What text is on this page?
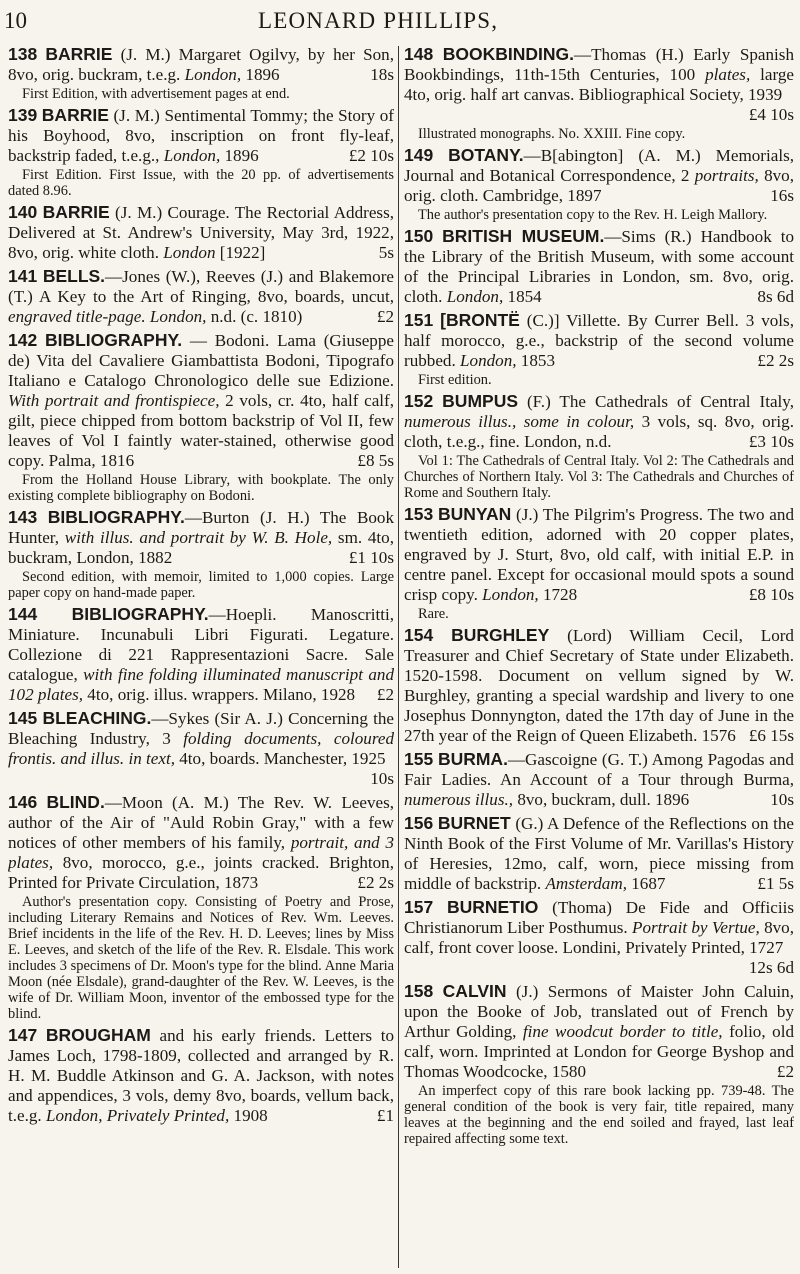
10	LEONARD PHILLIPS,
138 BARRIE (J. M.) Margaret Ogilvy, by her Son, 8vo, orig. buckram, t.e.g. London, 1896	18s
First Edition, with advertisement pages at end.
139 BARRIE (J. M.) Sentimental Tommy; the Story of his Boyhood, 8vo, inscription on front fly-leaf, backstrip faded, t.e.g., London, 1896	£2 10s
First Edition. First Issue, with the 20 pp. of advertisements dated 8.96.
140 BARRIE (J. M.) Courage. The Rectorial Address, Delivered at St. Andrew's University, May 3rd, 1922, 8vo, orig. white cloth. London [1922]	5s
141 BELLS.—Jones (W.), Reeves (J.) and Blakemore (T.) A Key to the Art of Ringing, 8vo, boards, uncut, engraved title-page. London, n.d. (c. 1810)	£2
142 BIBLIOGRAPHY. — Bodoni. Lama (Giuseppe de) Vita del Cavaliere Giambattista Bodoni, Tipografo Italiano e Catalogo Chronologico delle sue Edizione. With portrait and frontispiece, 2 vols, cr. 4to, half calf, gilt, piece chipped from bottom backstrip of Vol II, few leaves of Vol I faintly water-stained, otherwise good copy. Palma, 1816	£8 5s
From the Holland House Library, with bookplate. The only existing complete bibliography on Bodoni.
143 BIBLIOGRAPHY.—Burton (J. H.) The Book Hunter, with illus. and portrait by W. B. Hole, sm. 4to, buckram, London, 1882	£1 10s
Second edition, with memoir, limited to 1,000 copies. Large paper copy on hand-made paper.
144 BIBLIOGRAPHY.—Hoepli. Manoscritti, Miniature. Incunabuli Libri Figurati. Legature. Collezione di 221 Rappresentazioni Sacre. Sale catalogue, with fine folding illuminated manuscript and 102 plates, 4to, orig. illus. wrappers. Milano, 1928 £2
145 BLEACHING.—Sykes (Sir A. J.) Concerning the Bleaching Industry, 3 folding documents, coloured frontis. and illus. in text, 4to, boards. Manchester, 1925
10s
146 BLIND.—Moon (A. M.) The Rev. W. Leeves, author of the Air of "Auld Robin Gray," with a few notices of other members of his family, portrait, and 3 plates, 8vo, morocco, g.e., joints cracked. Brighton, Printed for Private Circulation, 1873	£2 2s
Author's presentation copy. Consisting of Poetry and Prose, including Literary Remains and Notices of Rev. Wm. Leeves. Brief incidents in the life of the Rev. H. D. Leeves; lines by Miss E. Leeves, and sketch of the life of the Rev. R. Elsdale. This work includes 3 specimens of Dr. Moon's type for the blind. Anne Maria Moon (née Elsdale), grand-daughter of the Rev. W. Leeves, is the wife of Dr. William Moon, inventor of the embossed type for the blind.
147 BROUGHAM and his early friends. Letters to James Loch, 1798-1809, collected and arranged by R. H. M. Buddle Atkinson and G. A. Jackson, with notes and appendices, 3 vols, demy 8vo, boards, vellum back, t.e.g. London, Privately Printed, 1908	£1
148 BOOKBINDING.—Thomas (H.) Early Spanish Bookbindings, 11th-15th Centuries, 100 plates, large 4to, orig. half art canvas. Bibliographical Society, 1939
£4 10s
Illustrated monographs. No. XXIII. Fine copy.
149 BOTANY.—B[abington] (A. M.) Memorials, Journal and Botanical Correspondence, 2 portraits, 8vo, orig. cloth. Cambridge, 1897	16s
The author's presentation copy to the Rev. H. Leigh Mallory.
150 BRITISH MUSEUM.—Sims (R.) Handbook to the Library of the British Museum, with some account of the Principal Libraries in London, sm. 8vo, orig. cloth. London, 1854	8s 6d
151 [BRONTË (C.)] Villette. By Currer Bell. 3 vols, half morocco, g.e., backstrip of the second volume rubbed. London, 1853	£2 2s
First edition.
152 BUMPUS (F.) The Cathedrals of Central Italy, numerous illus., some in colour, 3 vols, sq. 8vo, orig. cloth, t.e.g., fine. London, n.d.	£3 10s
Vol 1: The Cathedrals of Central Italy. Vol 2: The Cathedrals and Churches of Northern Italy. Vol 3: The Cathedrals and Churches of Rome and Southern Italy.
153 BUNYAN (J.) The Pilgrim's Progress. The two and twentieth edition, adorned with 20 copper plates, engraved by J. Sturt, 8vo, old calf, with initial E.P. in centre panel. Except for occasional mould spots a sound crisp copy. London, 1728	£8 10s
Rare.
154 BURGHLEY (Lord) William Cecil, Lord Treasurer and Chief Secretary of State under Elizabeth. 1520-1598. Document on vellum signed by W. Burghley, granting a special wardship and livery to one Josephus Donnyngton, dated the 17th day of June in the 27th year of the Reign of Queen Elizabeth. 1576 £6 15s
155 BURMA.—Gascoigne (G. T.) Among Pagodas and Fair Ladies. An Account of a Tour through Burma, numerous illus., 8vo, buckram, dull. 1896	10s
156 BURNET (G.) A Defence of the Reflections on the Ninth Book of the First Volume of Mr. Varillas's History of Heresies, 12mo, calf, worn, piece missing from middle of backstrip. Amsterdam, 1687	£1 5s
157 BURNETIO (Thoma) De Fide and Officiis Christianorum Liber Posthumus. Portrait by Vertue, 8vo, calf, front cover loose. Londini, Privately Printed, 1727
12s 6d
158 CALVIN (J.) Sermons of Maister John Caluin, upon the Booke of Job, translated out of French by Arthur Golding, fine woodcut border to title, folio, old calf, worn. Imprinted at London for George Byshop and Thomas Woodcocke, 1580	£2
An imperfect copy of this rare book lacking pp. 739-48. The general condition of the book is very fair, title repaired, many leaves at the beginning and the end soiled and frayed, last leaf repaired affecting some text.
